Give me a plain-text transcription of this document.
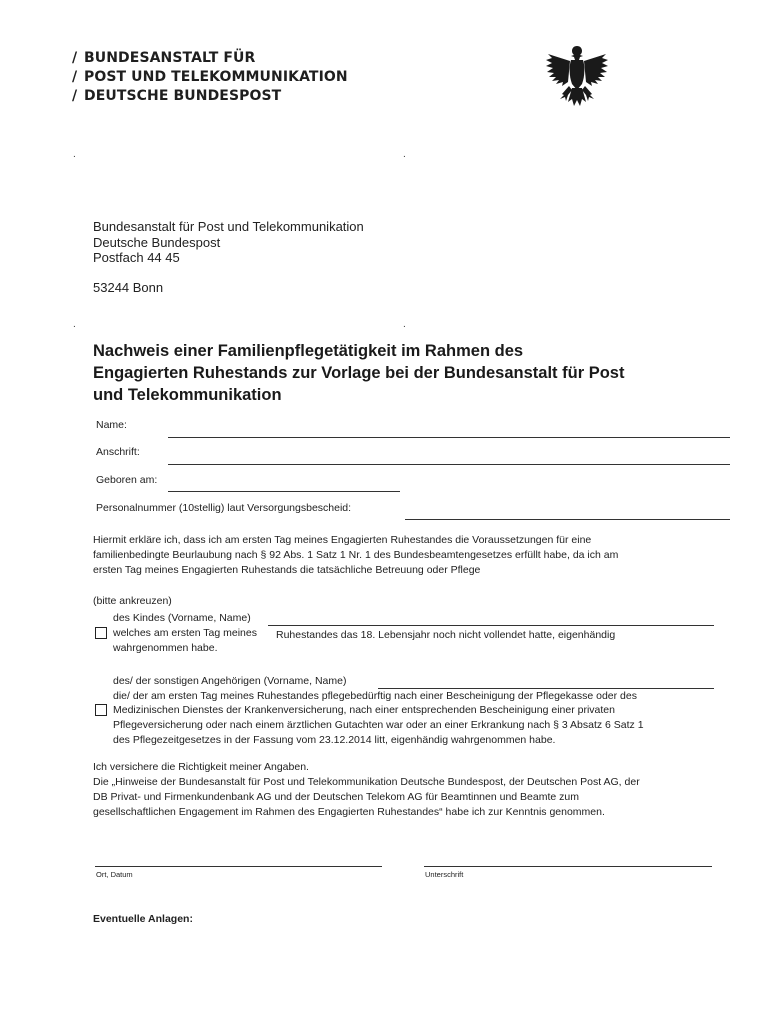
/ BUNDESANSTALT FÜR
/ POST UND TELEKOMMUNIKATION
/ DEUTSCHE BUNDESPOST
.	.
.	.
Bundesanstalt für Post und Telekommunikation
Deutsche Bundespost
Postfach 44 45
53244 Bonn
Nachweis einer Familienpflegetätigkeit im Rahmen des
Engagierten Ruhestands zur Vorlage bei der Bundesanstalt für Post
und Telekommunikation
Name:
Anschrift:
Geboren am:
Personalnummer (10stellig) laut Versorgungsbescheid:
Hiermit erkläre ich, dass ich am ersten Tag meines Engagierten Ruhestandes die Voraussetzungen für eine
familienbedingte Beurlaubung nach § 92 Abs. 1 Satz 1 Nr. 1 des Bundesbeamtengesetzes erfüllt habe, da ich am
ersten Tag meines Engagierten Ruhestands die tatsächliche Betreuung oder Pflege
(bitte ankreuzen)
des Kindes (Vorname, Name)
welches am ersten Tag meines Ruhestandes das 18. Lebensjahr noch nicht vollendet hatte, eigenhändig
wahrgenommen habe.
des/ der sonstigen Angehörigen (Vorname, Name)
die/ der am ersten Tag meines Ruhestandes pflegebedürftig nach einer Bescheinigung der Pflegekasse oder des
Medizinischen Dienstes der Krankenversicherung, nach einer entsprechenden Bescheinigung einer privaten
Pflegeversicherung oder nach einem ärztlichen Gutachten war oder an einer Erkrankung nach § 3 Absatz 6 Satz 1
des Pflegezeitgesetzes in der Fassung vom 23.12.2014 litt, eigenhändig wahrgenommen habe.
Ich versichere die Richtigkeit meiner Angaben.
Die „Hinweise der Bundesanstalt für Post und Telekommunikation Deutsche Bundespost, der Deutschen Post AG, der
DB Privat- und Firmenkundenbank AG und der Deutschen Telekom AG für Beamtinnen und Beamte zum
gesellschaftlichen Engagement im Rahmen des Engagierten Ruhestandes“ habe ich zur Kenntnis genommen.
Ort, Datum	Unterschrift
Eventuelle Anlagen:
